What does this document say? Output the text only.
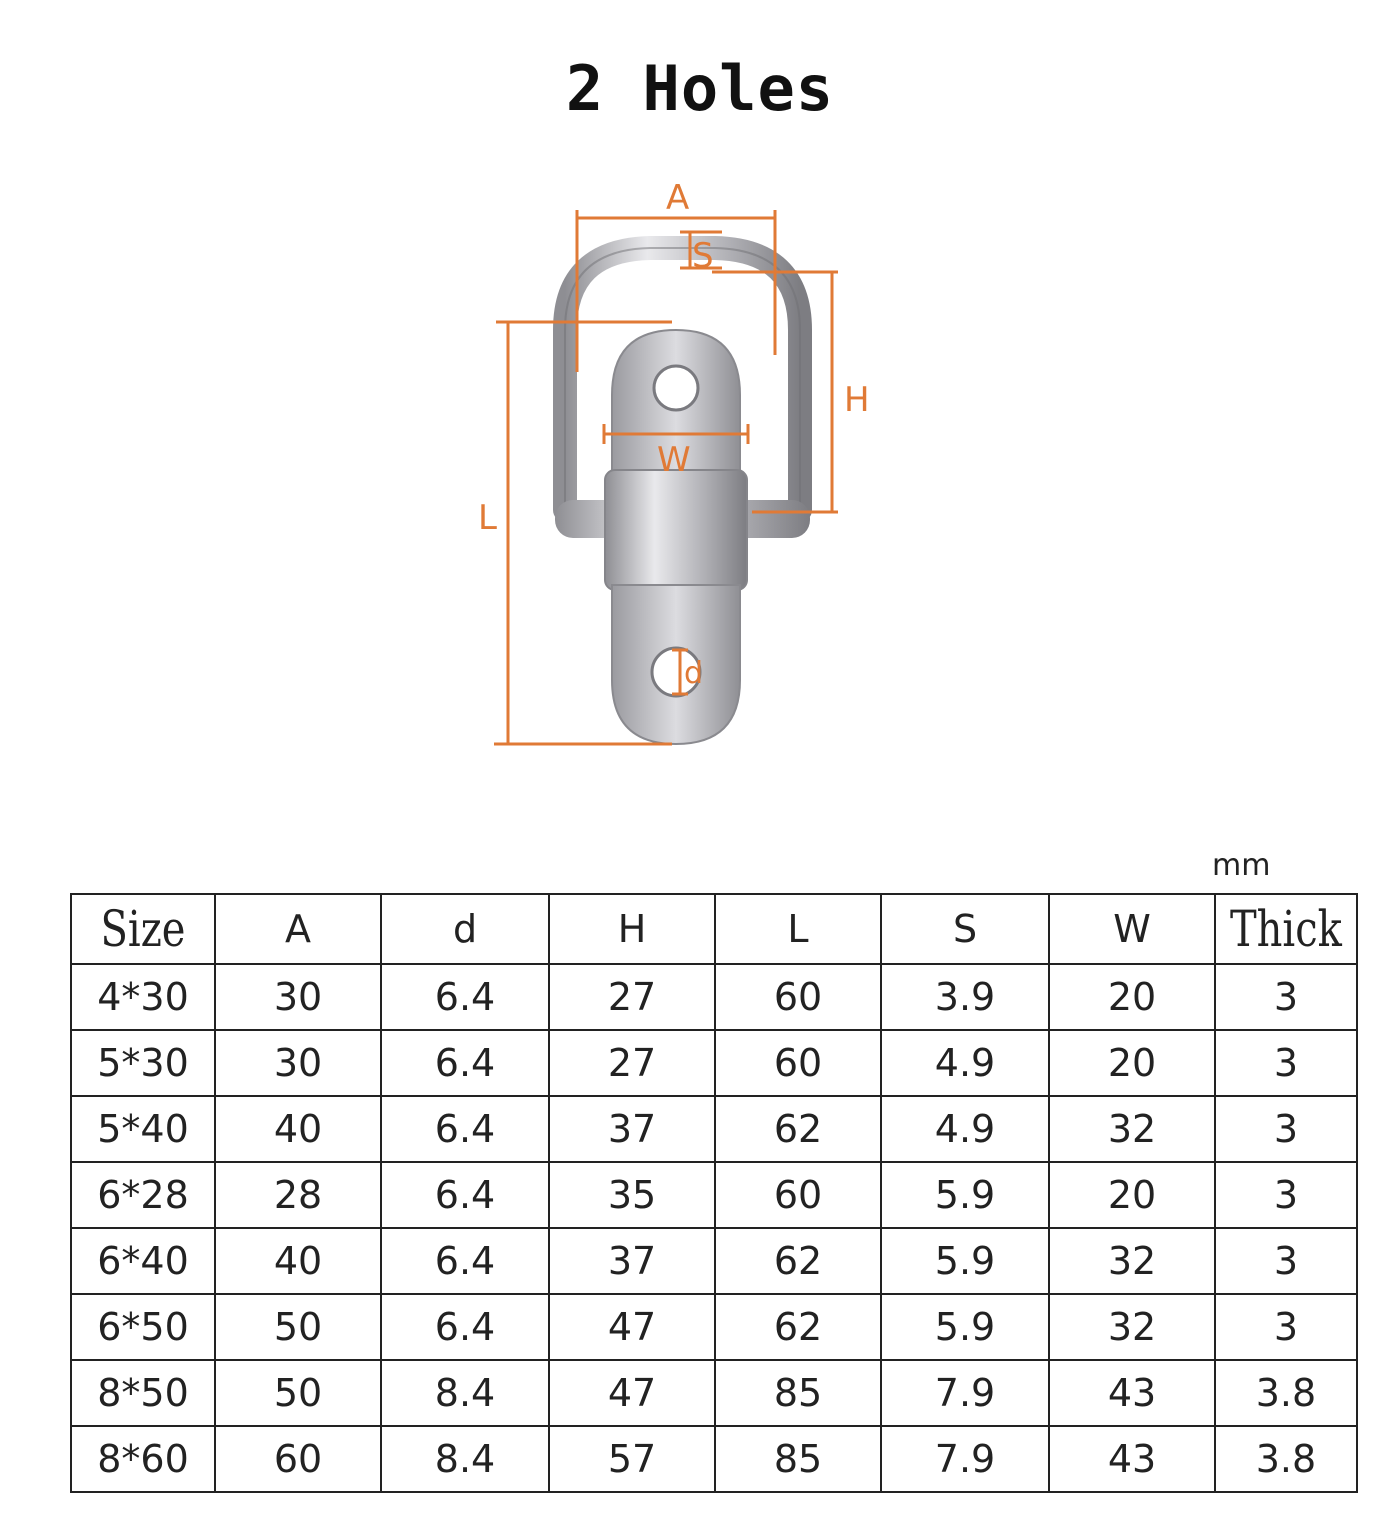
2 Holes
A
S
H
W
L
d
mm
Size	A	d	H	L	S	W	Thick
4*30	30	6.4	27	60	3.9	20	3
5*30	30	6.4	27	60	4.9	20	3
5*40	40	6.4	37	62	4.9	32	3
6*28	28	6.4	35	60	5.9	20	3
6*40	40	6.4	37	62	5.9	32	3
6*50	50	6.4	47	62	5.9	32	3
8*50	50	8.4	47	85	7.9	43	3.8
8*60	60	8.4	57	85	7.9	43	3.8
